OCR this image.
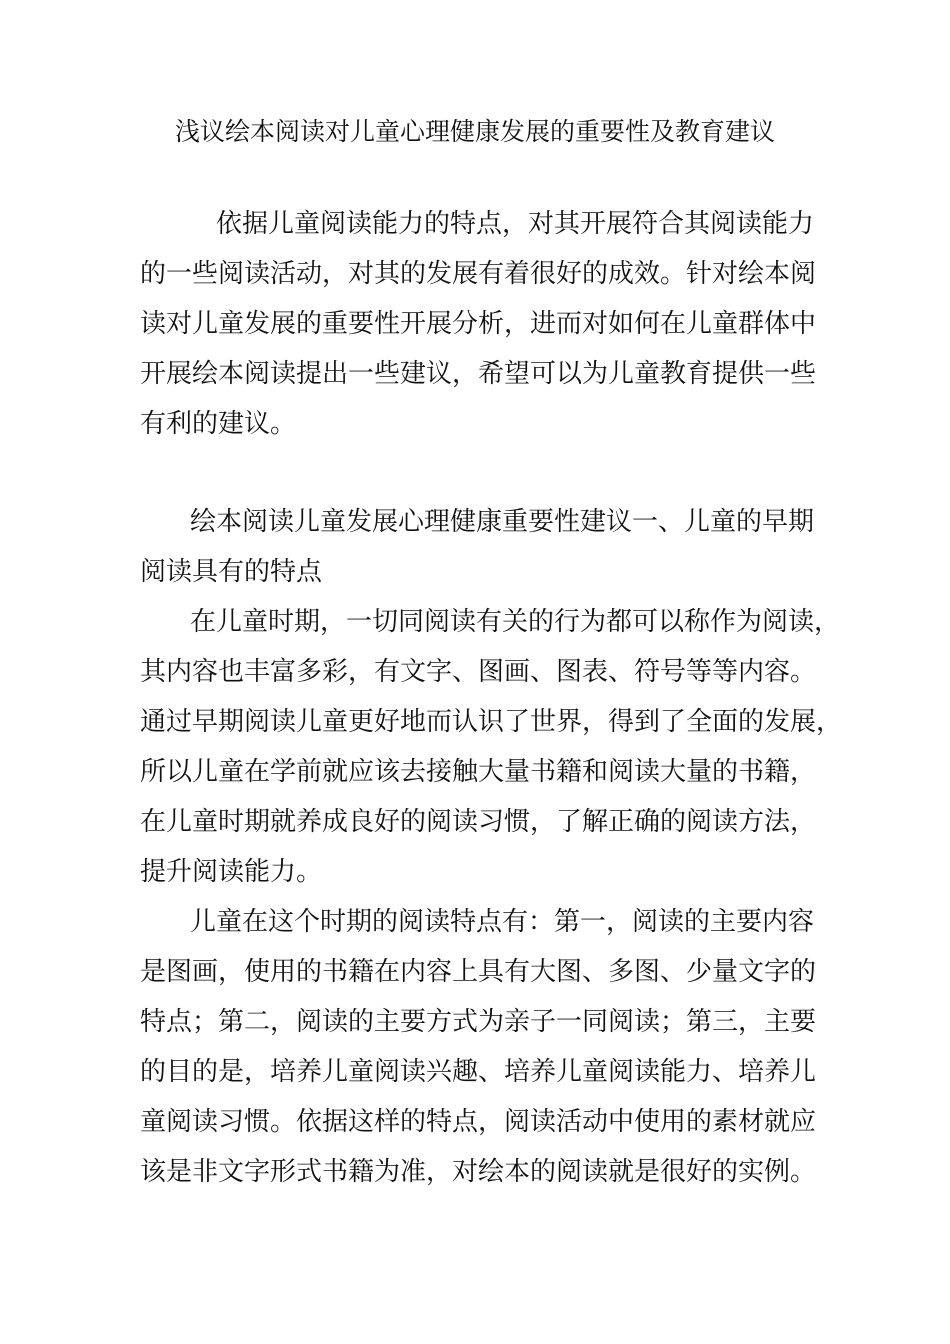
浅议绘本阅读对儿童心理健康发展的重要性及教育建议
依据儿童阅读能力的特点，对其开展符合其阅读能力
的一些阅读活动，对其的发展有着很好的成效。针对绘本阅
读对儿童发展的重要性开展分析，进而对如何在儿童群体中
开展绘本阅读提出一些建议，希望可以为儿童教育提供一些
有利的建议。
绘本阅读儿童发展心理健康重要性建议一、儿童的早期
阅读具有的特点
在儿童时期，一切同阅读有关的行为都可以称作为阅读，
其内容也丰富多彩，有文字、图画、图表、符号等等内容。
通过早期阅读儿童更好地而认识了世界，得到了全面的发展，
所以儿童在学前就应该去接触大量书籍和阅读大量的书籍，
在儿童时期就养成良好的阅读习惯，了解正确的阅读方法，
提升阅读能力。
儿童在这个时期的阅读特点有：第一，阅读的主要内容
是图画，使用的书籍在内容上具有大图、多图、少量文字的
特点；第二，阅读的主要方式为亲子一同阅读；第三，主要
的目的是，培养儿童阅读兴趣、培养儿童阅读能力、培养儿
童阅读习惯。依据这样的特点，阅读活动中使用的素材就应
该是非文字形式书籍为准，对绘本的阅读就是很好的实例。
